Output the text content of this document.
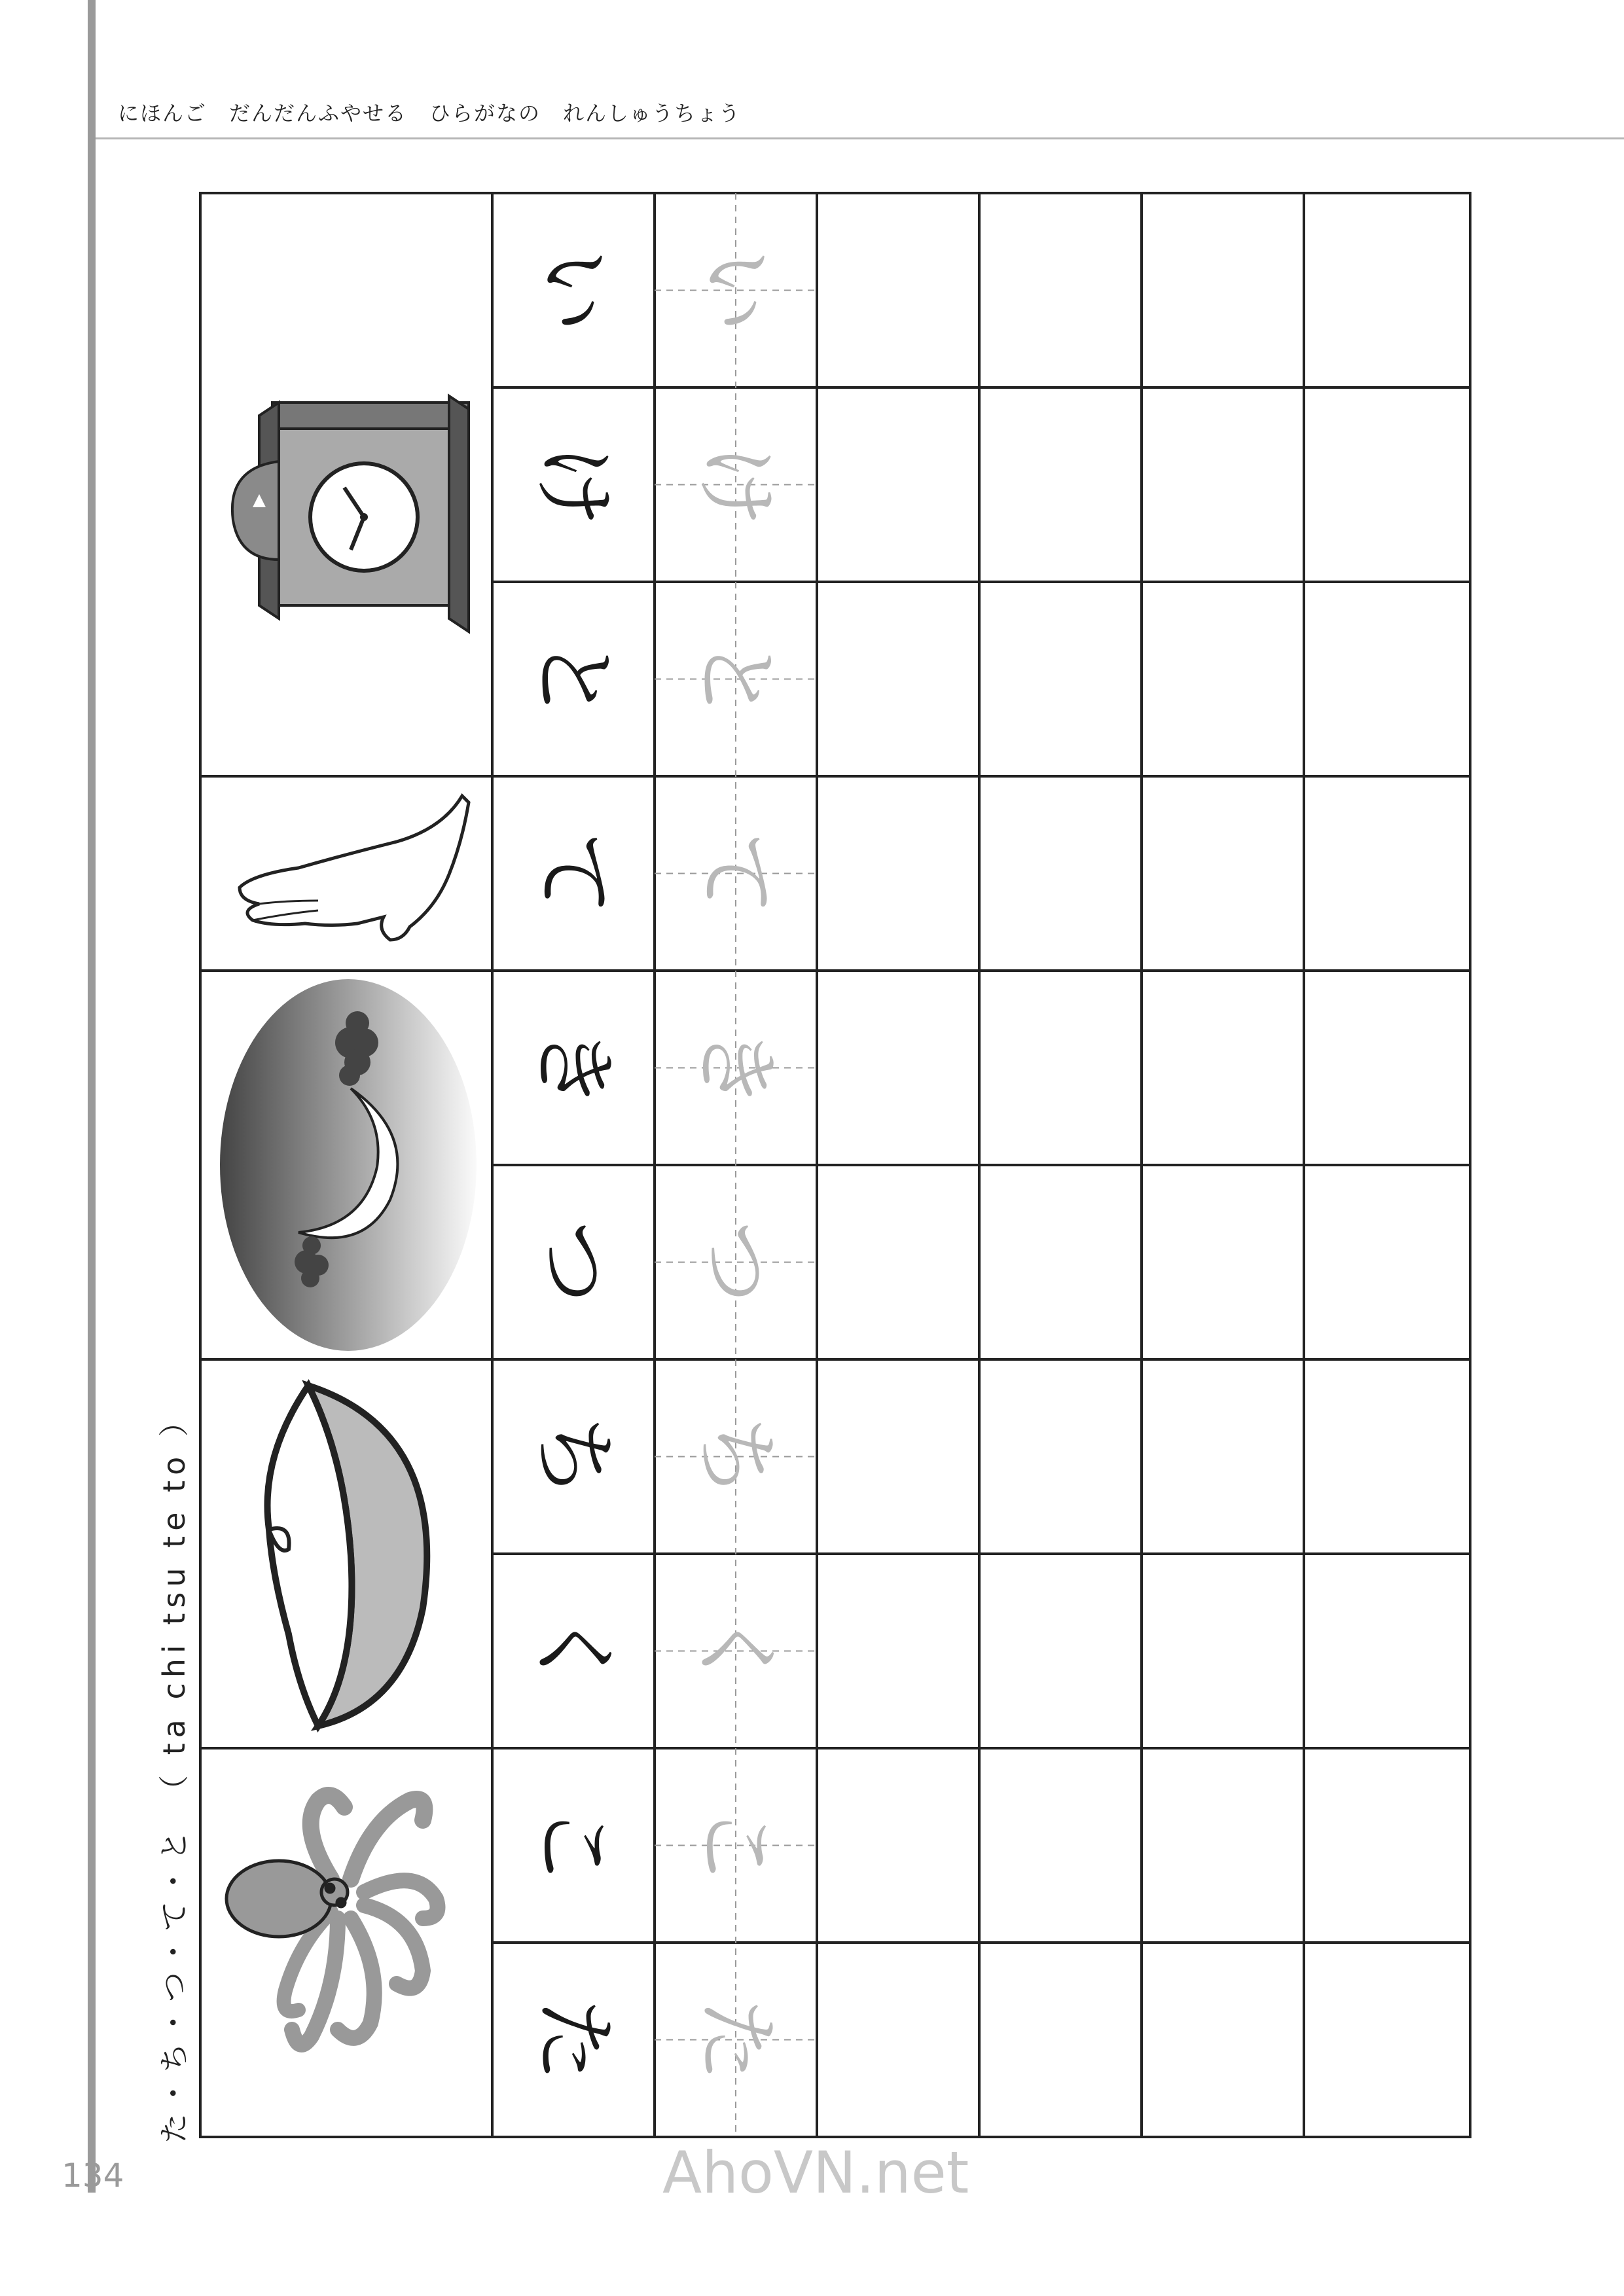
にほんご　だんだんふやせる　ひらがなの　れんしゅうちょう
た・ち・つ・て・と　（ ta chi tsu te to ）
134	AhoVN.net
い い
け け
と と
て て
き き
つ つ
ち ち
く く
こ こ
た た
